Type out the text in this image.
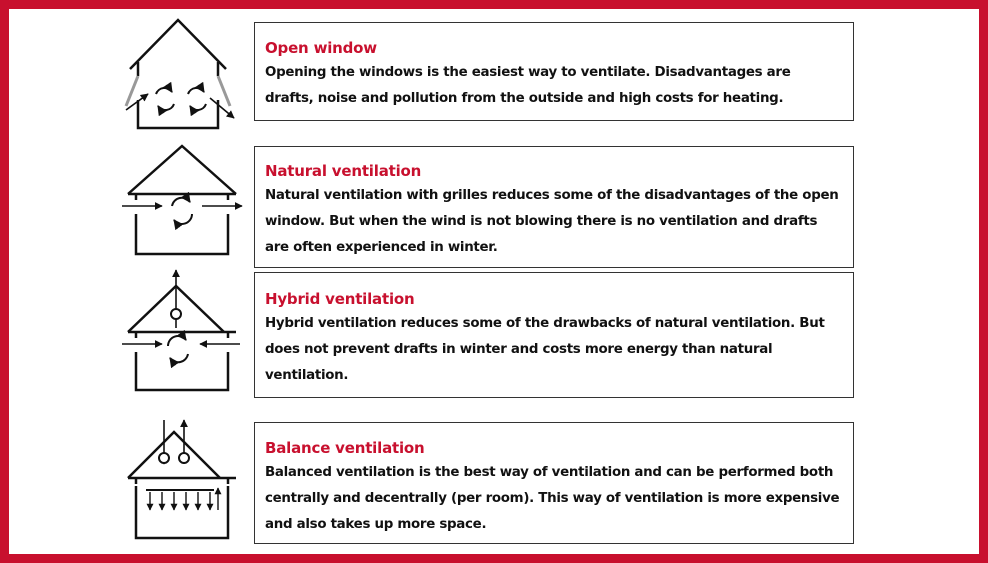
Open window
Opening the windows is the easiest way to ventilate. Disadvantages are drafts, noise and pollution from the outside and high costs for heating.
Natural ventilation
Natural ventilation with grilles reduces some of the disadvantages of the open window. But when the wind is not blowing there is no ventilation and drafts are often experienced in winter.
Hybrid ventilation
Hybrid ventilation reduces some of the drawbacks of natural ventilation. But does not prevent drafts in winter and costs more energy than natural ventilation.
Balance ventilation
Balanced ventilation is the best way of ventilation and can be performed both centrally and decentrally (per room). This way of ventilation is more expensive and also takes up more space.
